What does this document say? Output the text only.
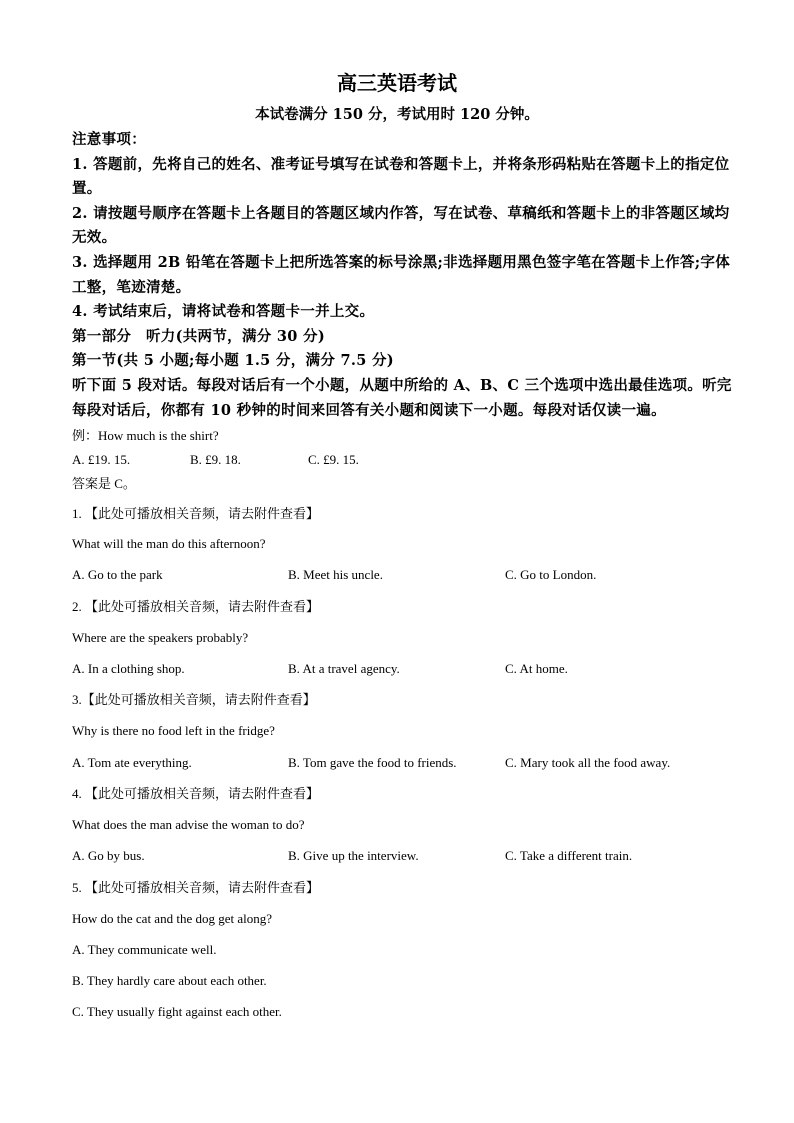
高三英语考试
本试卷满分 150 分，考试用时 120 分钟。

注意事项：

1. 答题前，先将自己的姓名、准考证号填写在试卷和答题卡上，并将条形码粘贴在答题卡上的指定位置。

2. 请按题号顺序在答题卡上各题目的答题区域内作答，写在试卷、草稿纸和答题卡上的非答题区域均无效。

3. 选择题用 2B 铅笔在答题卡上把所选答案的标号涂黑;非选择题用黑色签字笔在答题卡上作答;字体工整，笔迹清楚。

4. 考试结束后，请将试卷和答题卡一并上交。

第一部分　听力(共两节，满分 30 分)

第一节(共 5 小题;每小题 1.5 分，满分 7.5 分)

听下面 5 段对话。每段对话后有一个小题，从题中所给的 A、B、C 三个选项中选出最佳选项。听完每段对话后，你都有 10 秒钟的时间来回答有关小题和阅读下一小题。每段对话仅读一遍。

例：How much is the shirt?
A. £19. 15.	B. £9. 18.	C. £9. 15.
答案是 C。
1. 【此处可播放相关音频，请去附件查看】
What will the man do this afternoon?
A. Go to the park	B. Meet his uncle.	C. Go to London.
2. 【此处可播放相关音频，请去附件查看】
Where are the speakers probably?
A. In a clothing shop.	B. At a travel agency.	C. At home.
3.【此处可播放相关音频，请去附件查看】
Why is there no food left in the fridge?
A. Tom ate everything.	B. Tom gave the food to friends.	C. Mary took all the food away.
4. 【此处可播放相关音频，请去附件查看】
What does the man advise the woman to do?
A. Go by bus.	B. Give up the interview.	C. Take a different train.
5. 【此处可播放相关音频，请去附件查看】
How do the cat and the dog get along?
A. They communicate well.
B. They hardly care about each other.
C. They usually fight against each other.
